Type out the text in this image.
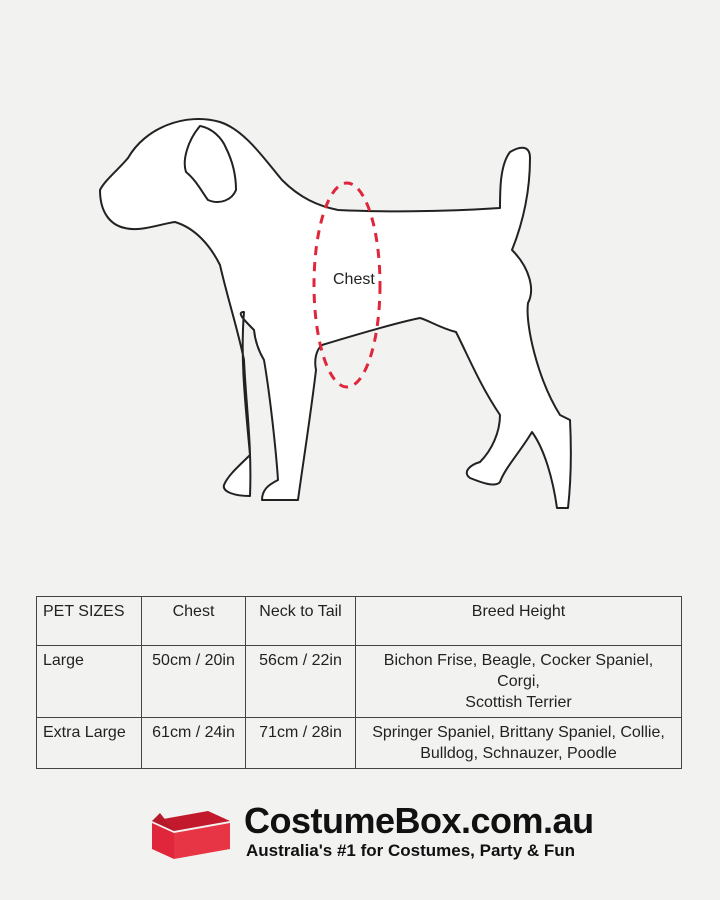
Chest
PET SIZES	Chest	Neck to Tail	Breed Height
Large	50cm / 20in	56cm / 22in	Bichon Frise, Beagle, Cocker Spaniel, Corgi,
Scottish Terrier
Extra Large	61cm / 24in	71cm / 28in	Springer Spaniel, Brittany Spaniel, Collie,
Bulldog, Schnauzer, Poodle
CostumeBox.com.au
Australia's #1 for Costumes, Party & Fun
